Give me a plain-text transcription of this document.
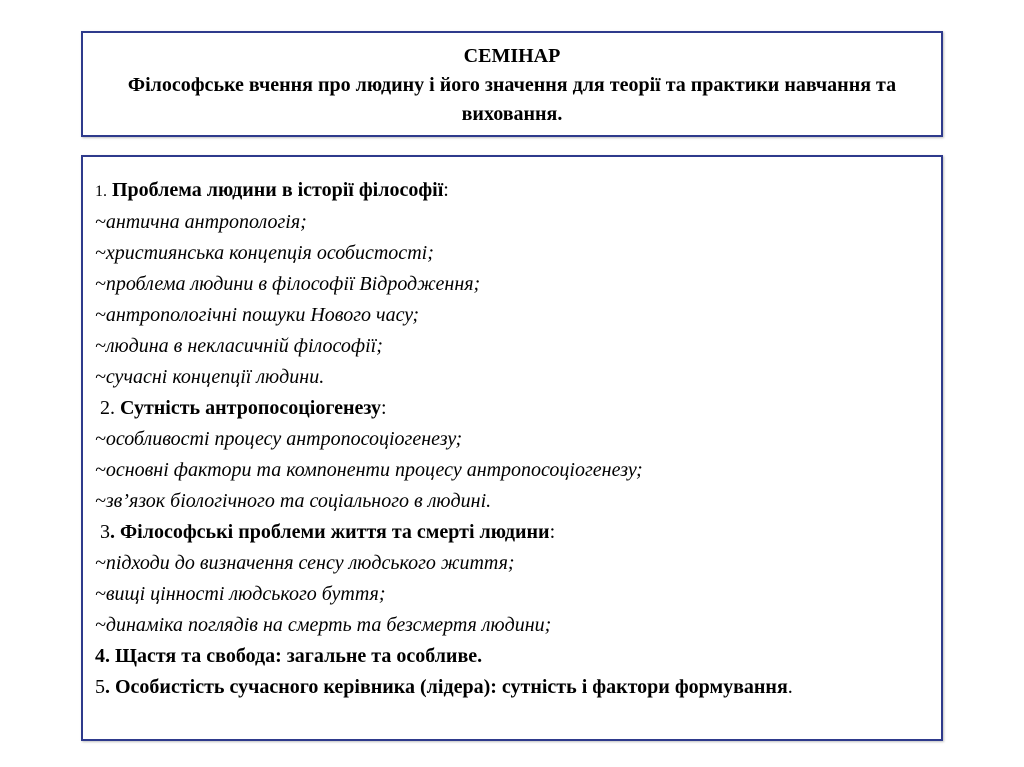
СЕМІНАР
Філософське вчення про людину і його значення для теорії та практики навчання та виховання.
1. Проблема людини в історії філософії:
~антична антропологія;
~християнська концепція особистості;
~проблема людини в філософії Відродження;
~антропологічні пошуки Нового часу;
~людина в некласичній філософії;
~сучасні концепції людини.
2. Сутність антропосоціогенезу:
~особливості процесу антропосоціогенезу;
~основні фактори та компоненти процесу антропосоціогенезу;
~зв’язок біологічного та соціального в людині.
3. Філософські проблеми життя та смерті людини:
~підходи до визначення сенсу людського життя;
~вищі цінності людського буття;
~динаміка поглядів на смерть та безсмертя людини;
4. Щастя та свобода: загальне та особливе.
5. Особистість сучасного керівника (лідера): сутність і фактори формування.
